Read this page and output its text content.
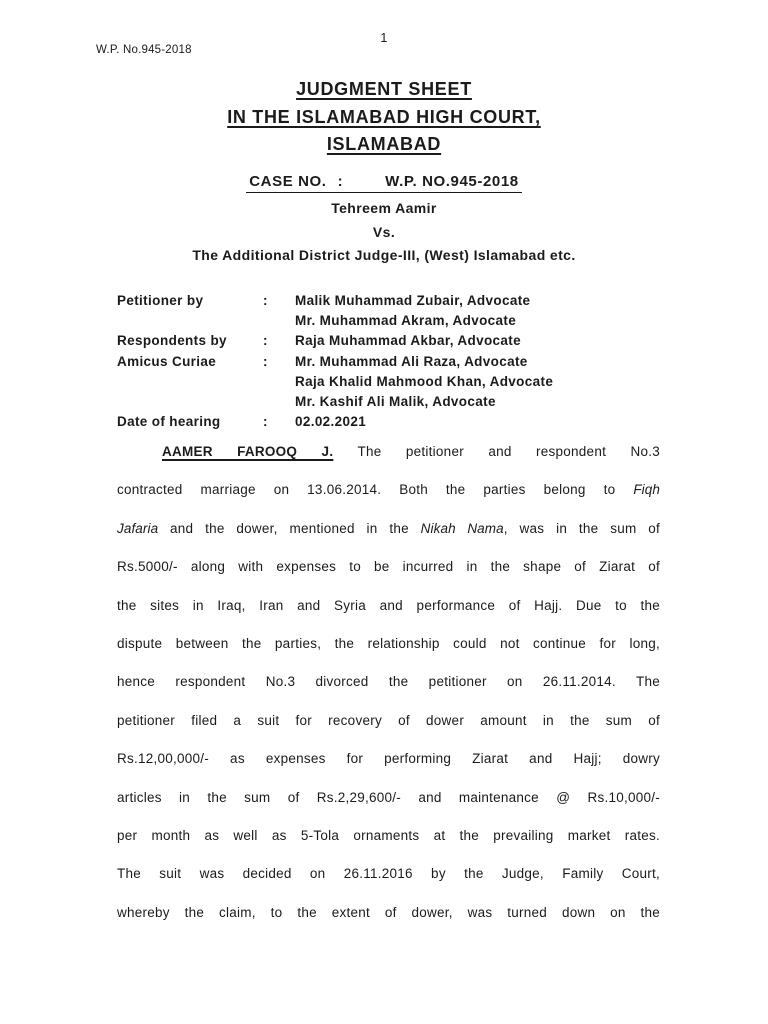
1
W.P. No.945-2018
JUDGMENT SHEET
IN THE ISLAMABAD HIGH COURT,
ISLAMABAD
CASE NO. :	W.P. NO.945-2018
Tehreem Aamir
Vs.
The Additional District Judge-III, (West) Islamabad etc.
Petitioner by	:	Malik Muhammad Zubair, Advocate
Mr. Muhammad Akram, Advocate
Respondents by	:	Raja Muhammad Akbar, Advocate
Amicus Curiae	:	Mr. Muhammad Ali Raza, Advocate
Raja Khalid Mahmood Khan, Advocate
Mr. Kashif Ali Malik, Advocate
Date of hearing	:	02.02.2021
AAMER FAROOQ J. The petitioner and respondent No.3
contracted marriage on 13.06.2014. Both the parties belong to Fiqh
Jafaria and the dower, mentioned in the Nikah Nama, was in the sum of
Rs.5000/- along with expenses to be incurred in the shape of Ziarat of
the sites in Iraq, Iran and Syria and performance of Hajj. Due to the
dispute between the parties, the relationship could not continue for long,
hence respondent No.3 divorced the petitioner on 26.11.2014. The
petitioner filed a suit for recovery of dower amount in the sum of
Rs.12,00,000/- as expenses for performing Ziarat and Hajj; dowry
articles in the sum of Rs.2,29,600/- and maintenance @ Rs.10,000/-
per month as well as 5-Tola ornaments at the prevailing market rates.
The suit was decided on 26.11.2016 by the Judge, Family Court,
whereby the claim, to the extent of dower, was turned down on the
